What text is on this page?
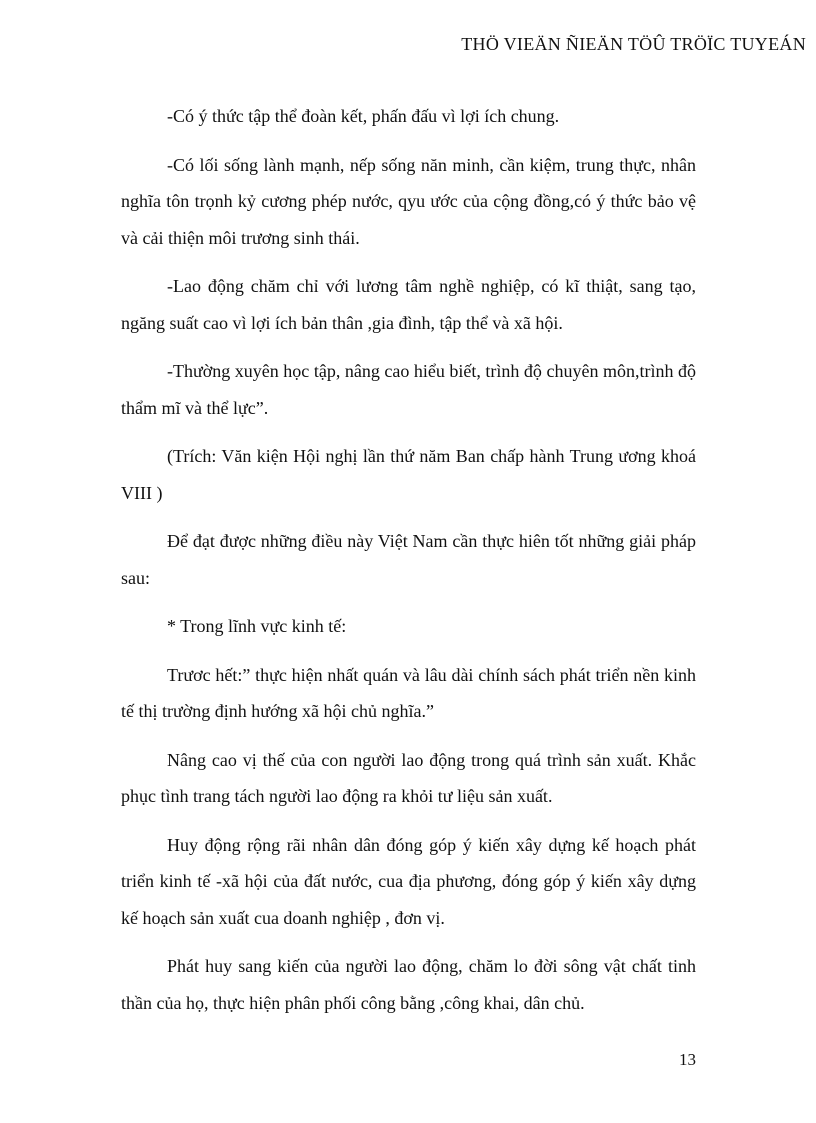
THÖ VIEÄN ÑIEÄN TÖÛ TRÖÏC TUYEÁN

-Có ý thức tập thể đoàn kết, phấn đấu vì lợi ích chung.

-Có lối sống lành mạnh, nếp sống năn minh, cần kiệm, trung thực, nhân nghĩa tôn trọnh kỷ cương phép nước, qyu ước của cộng đồng,có ý thức bảo vệ và cải thiện môi trương sinh thái.

-Lao động chăm chỉ với lương tâm nghề nghiệp, có kĩ thiật, sang tạo, ngăng suất cao vì lợi ích bản thân ,gia đình, tập thể và xã hội.

-Thường xuyên học tập, nâng cao hiểu biết, trình độ chuyên môn,trình độ thẩm mĩ và thể lực”.

(Trích: Văn kiện Hội nghị lần thứ năm Ban chấp hành Trung ương khoá VIII )

Để đạt được những điều này Việt Nam cần thực hiên tốt những giải pháp sau:

* Trong lĩnh vực kinh tế:

Trươc hết:” thực hiện nhất quán và lâu dài chính sách phát triển nền kinh tế thị trường định hướng xã hội chủ nghĩa.”

Nâng cao vị thế của con người lao động trong quá trình sản xuất. Khắc phục tình trang tách người lao động ra khỏi tư liệu sản xuất.

Huy động rộng rãi nhân dân đóng góp ý kiến xây dựng kế hoạch phát triển kinh tế -xã hội của đất nước, cua địa phương, đóng góp ý kiến xây dựng kế hoạch sản xuất cua doanh nghiệp , đơn vị.

Phát huy sang kiến của người lao động, chăm lo đời sông vật chất tinh thần của họ, thực hiện phân phối công bằng ,công khai, dân chủ.

13
